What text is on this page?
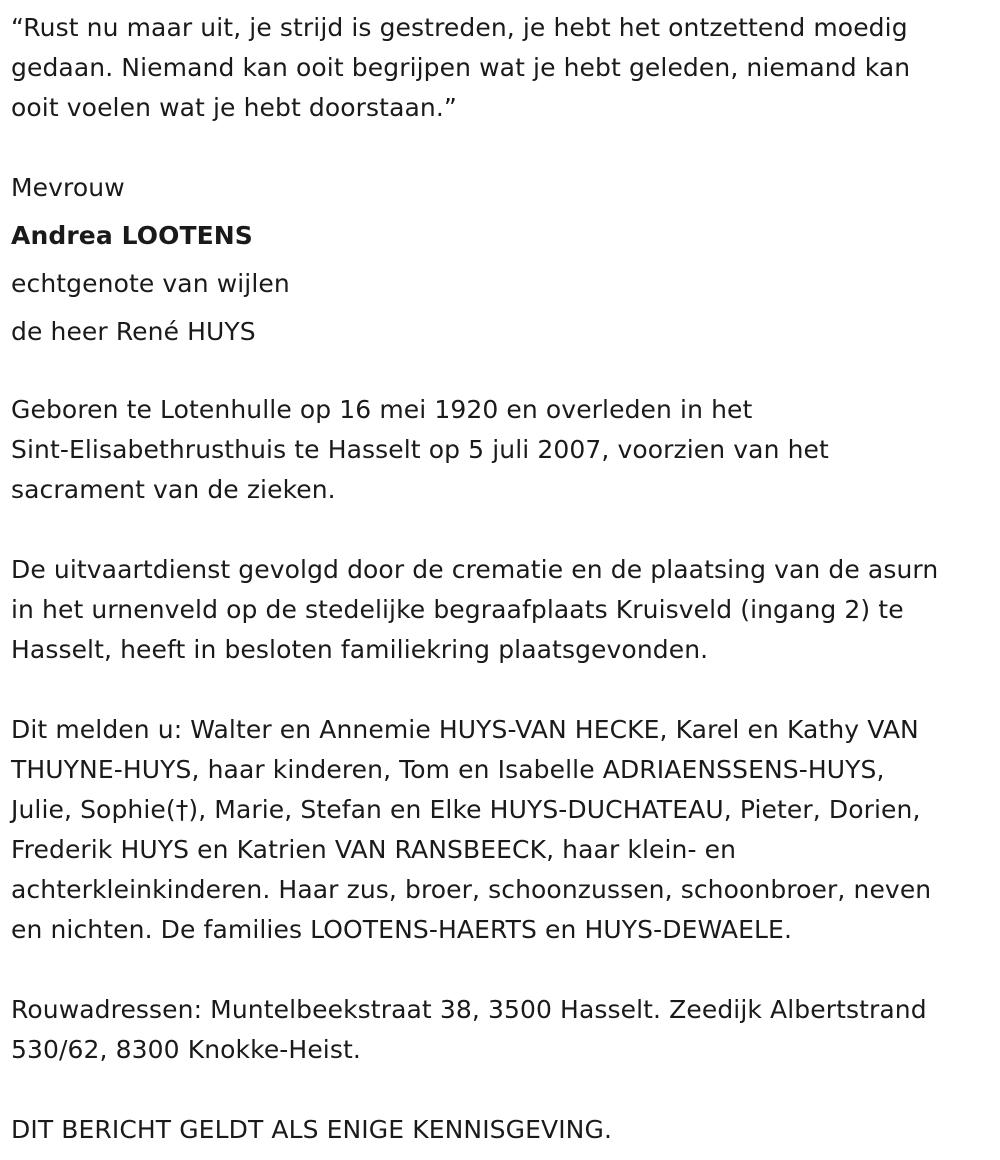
“Rust nu maar uit, je strijd is gestreden, je hebt het ontzettend moedig

gedaan. Niemand kan ooit begrijpen wat je hebt geleden, niemand kan

ooit voelen wat je hebt doorstaan.”

Mevrouw

Andrea LOOTENS

echtgenote van wijlen

de heer René HUYS

Geboren te Lotenhulle op 16 mei 1920 en overleden in het

Sint-Elisabethrusthuis te Hasselt op 5 juli 2007, voorzien van het

sacrament van de zieken.

De uitvaartdienst gevolgd door de crematie en de plaatsing van de asurn

in het urnenveld op de stedelijke begraafplaats Kruisveld (ingang 2) te

Hasselt, heeft in besloten familiekring plaatsgevonden.

Dit melden u: Walter en Annemie HUYS-VAN HECKE, Karel en Kathy VAN

THUYNE-HUYS, haar kinderen, Tom en Isabelle ADRIAENSSENS-HUYS,

Julie, Sophie(†), Marie, Stefan en Elke HUYS-DUCHATEAU, Pieter, Dorien,

Frederik HUYS en Katrien VAN RANSBEECK, haar klein- en

achterkleinkinderen. Haar zus, broer, schoonzussen, schoonbroer, neven

en nichten. De families LOOTENS-HAERTS en HUYS-DEWAELE.

Rouwadressen: Muntelbeekstraat 38, 3500 Hasselt. Zeedijk Albertstrand

530/62, 8300 Knokke-Heist.

DIT BERICHT GELDT ALS ENIGE KENNISGEVING.
